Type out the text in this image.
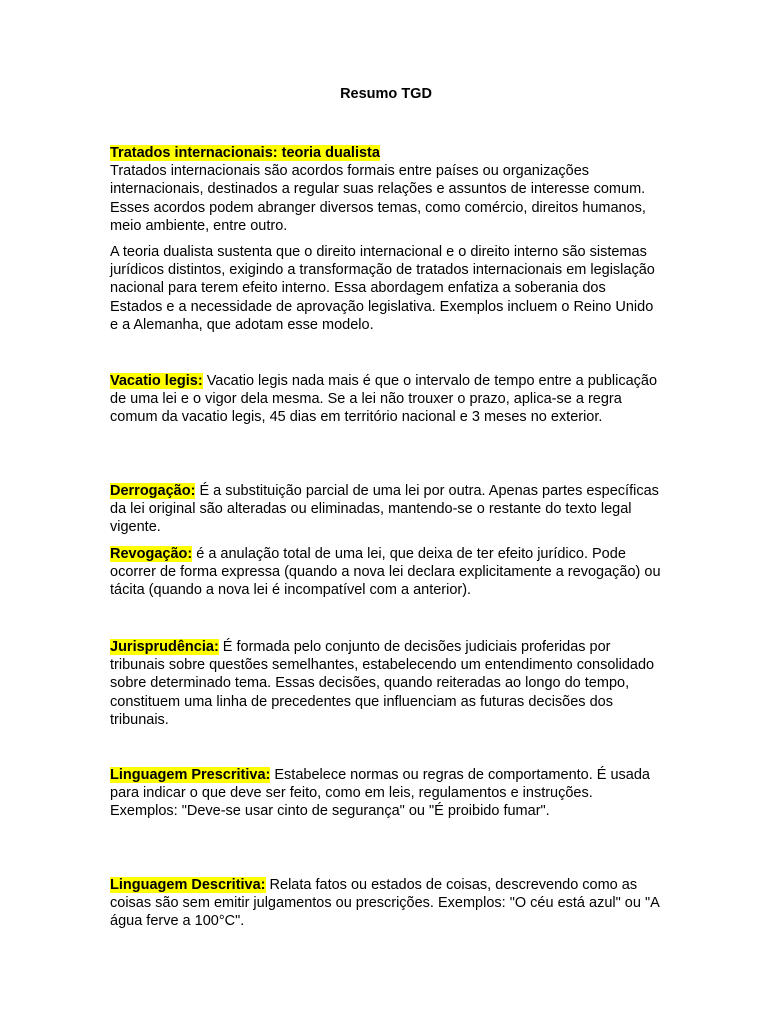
Resumo TGD

Tratados internacionais: teoria dualista
Tratados internacionais são acordos formais entre países ou organizações internacionais, destinados a regular suas relações e assuntos de interesse comum. Esses acordos podem abranger diversos temas, como comércio, direitos humanos, meio ambiente, entre outro.

A teoria dualista sustenta que o direito internacional e o direito interno são sistemas jurídicos distintos, exigindo a transformação de tratados internacionais em legislação nacional para terem efeito interno. Essa abordagem enfatiza a soberania dos Estados e a necessidade de aprovação legislativa. Exemplos incluem o Reino Unido e a Alemanha, que adotam esse modelo.

Vacatio legis: Vacatio legis nada mais é que o intervalo de tempo entre a publicação de uma lei e o vigor dela mesma. Se a lei não trouxer o prazo, aplica-se a regra comum da vacatio legis, 45 dias em território nacional e 3 meses no exterior.

Derrogação: É a substituição parcial de uma lei por outra. Apenas partes específicas da lei original são alteradas ou eliminadas, mantendo-se o restante do texto legal vigente.

Revogação: é a anulação total de uma lei, que deixa de ter efeito jurídico. Pode ocorrer de forma expressa (quando a nova lei declara explicitamente a revogação) ou tácita (quando a nova lei é incompatível com a anterior).

Jurisprudência: É formada pelo conjunto de decisões judiciais proferidas por tribunais sobre questões semelhantes, estabelecendo um entendimento consolidado sobre determinado tema. Essas decisões, quando reiteradas ao longo do tempo, constituem uma linha de precedentes que influenciam as futuras decisões dos tribunais.

Linguagem Prescritiva: Estabelece normas ou regras de comportamento. É usada para indicar o que deve ser feito, como em leis, regulamentos e instruções. Exemplos: "Deve-se usar cinto de segurança" ou "É proibido fumar".

Linguagem Descritiva: Relata fatos ou estados de coisas, descrevendo como as coisas são sem emitir julgamentos ou prescrições. Exemplos: "O céu está azul" ou "A água ferve a 100°C".
